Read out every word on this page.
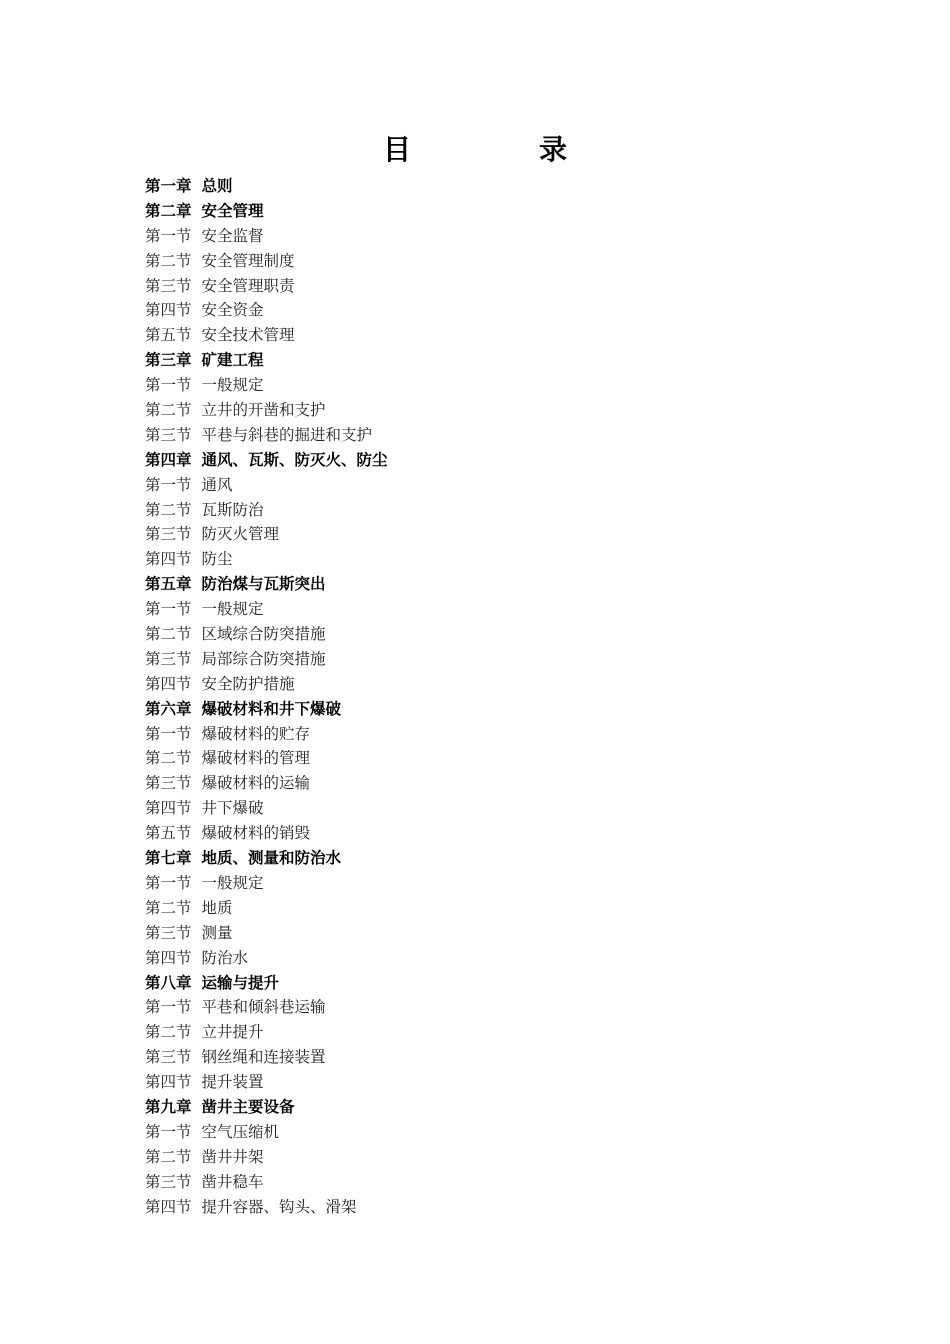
目　录
第一章 总则
第二章 安全管理
第一节 安全监督
第二节 安全管理制度
第三节 安全管理职责
第四节 安全资金
第五节 安全技术管理
第三章 矿建工程
第一节 一般规定
第二节 立井的开凿和支护
第三节 平巷与斜巷的掘进和支护
第四章 通风、瓦斯、防灭火、防尘
第一节 通风
第二节 瓦斯防治
第三节 防灭火管理
第四节 防尘
第五章 防治煤与瓦斯突出
第一节 一般规定
第二节 区域综合防突措施
第三节 局部综合防突措施
第四节 安全防护措施
第六章 爆破材料和井下爆破
第一节 爆破材料的贮存
第二节 爆破材料的管理
第三节 爆破材料的运输
第四节 井下爆破
第五节 爆破材料的销毁
第七章 地质、测量和防治水
第一节 一般规定
第二节 地质
第三节 测量
第四节 防治水
第八章 运输与提升
第一节 平巷和倾斜巷运输
第二节 立井提升
第三节 钢丝绳和连接装置
第四节 提升装置
第九章 凿井主要设备
第一节 空气压缩机
第二节 凿井井架
第三节 凿井稳车
第四节 提升容器、钩头、滑架
